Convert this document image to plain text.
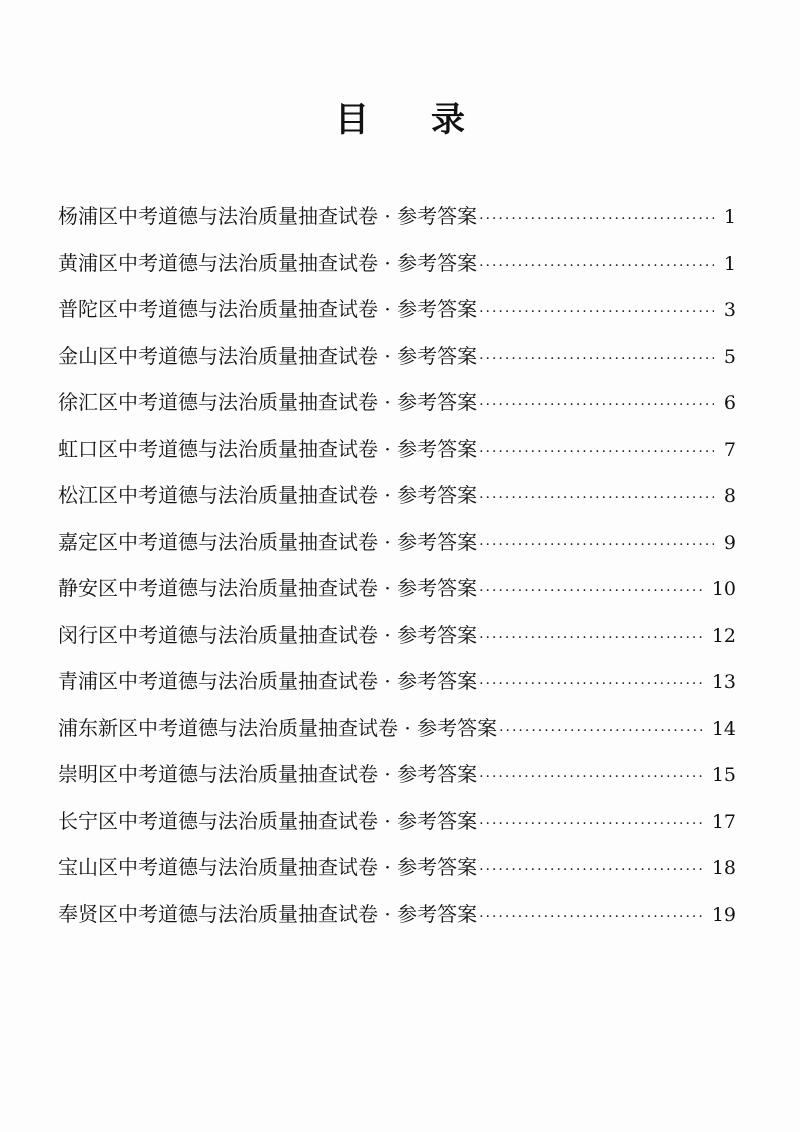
目 录
杨浦区中考道德与法治质量抽查试卷 · 参考答案 ·····	1
黄浦区中考道德与法治质量抽查试卷 · 参考答案 ·····	1
普陀区中考道德与法治质量抽查试卷 · 参考答案 ·····	3
金山区中考道德与法治质量抽查试卷 · 参考答案 ·····	5
徐汇区中考道德与法治质量抽查试卷 · 参考答案 ·····	6
虹口区中考道德与法治质量抽查试卷 · 参考答案 ·····	7
松江区中考道德与法治质量抽查试卷 · 参考答案 ·····	8
嘉定区中考道德与法治质量抽查试卷 · 参考答案 ·····	9
静安区中考道德与法治质量抽查试卷 · 参考答案 ·····	10
闵行区中考道德与法治质量抽查试卷 · 参考答案 ·····	12
青浦区中考道德与法治质量抽查试卷 · 参考答案 ·····	13
浦东新区中考道德与法治质量抽查试卷 · 参考答案 ·····	14
崇明区中考道德与法治质量抽查试卷 · 参考答案 ·····	15
长宁区中考道德与法治质量抽查试卷 · 参考答案 ·····	17
宝山区中考道德与法治质量抽查试卷 · 参考答案 ·····	18
奉贤区中考道德与法治质量抽查试卷 · 参考答案 ·····	19
